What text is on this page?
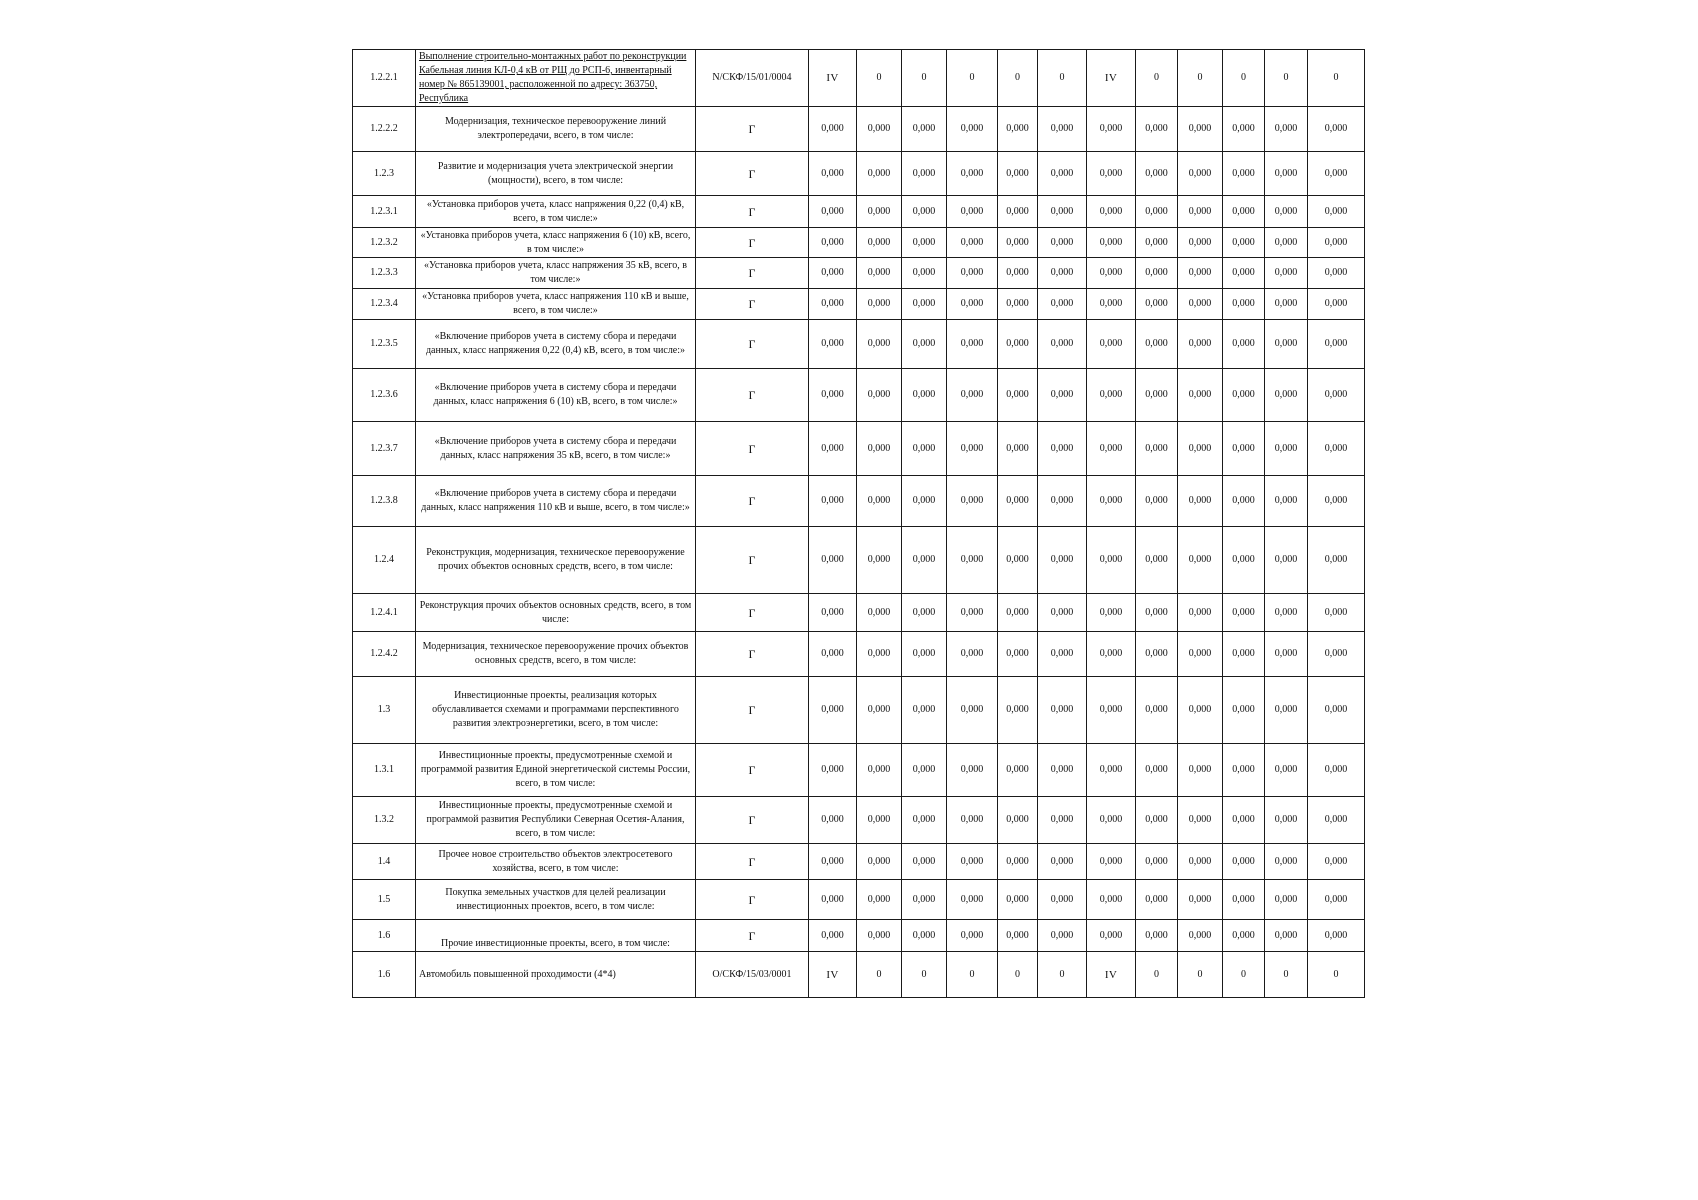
1.2.2.1	Выполнение строительно-монтажных работ по реконструкции Кабельная линия КЛ-0,4 кВ от РЩ до РСП-6, инвентарный номер № 865139001, расположенной по адресу: 363750, Республика	N/СКФ/15/01/0004	IV	0	0	0	0	0	IV	0	0	0	0	0
1.2.2.2	Модернизация, техническое перевооружение линий электропередачи, всего, в том числе:	Г	0,000	0,000	0,000	0,000	0,000	0,000	0,000	0,000	0,000	0,000	0,000	0,000
1.2.3	Развитие и модернизация учета электрической энергии (мощности), всего, в том числе:	Г	0,000	0,000	0,000	0,000	0,000	0,000	0,000	0,000	0,000	0,000	0,000	0,000
1.2.3.1	«Установка приборов учета, класс напряжения 0,22 (0,4) кВ, всего, в том числе:»	Г	0,000	0,000	0,000	0,000	0,000	0,000	0,000	0,000	0,000	0,000	0,000	0,000
1.2.3.2	«Установка приборов учета, класс напряжения 6 (10) кВ, всего, в том числе:»	Г	0,000	0,000	0,000	0,000	0,000	0,000	0,000	0,000	0,000	0,000	0,000	0,000
1.2.3.3	«Установка приборов учета, класс напряжения 35 кВ, всего, в том числе:»	Г	0,000	0,000	0,000	0,000	0,000	0,000	0,000	0,000	0,000	0,000	0,000	0,000
1.2.3.4	«Установка приборов учета, класс напряжения 110 кВ и выше, всего, в том числе:»	Г	0,000	0,000	0,000	0,000	0,000	0,000	0,000	0,000	0,000	0,000	0,000	0,000
1.2.3.5	«Включение приборов учета в систему сбора и передачи данных, класс напряжения 0,22 (0,4) кВ, всего, в том числе:»	Г	0,000	0,000	0,000	0,000	0,000	0,000	0,000	0,000	0,000	0,000	0,000	0,000
1.2.3.6	«Включение приборов учета в систему сбора и передачи данных, класс напряжения 6 (10) кВ, всего, в том числе:»	Г	0,000	0,000	0,000	0,000	0,000	0,000	0,000	0,000	0,000	0,000	0,000	0,000
1.2.3.7	«Включение приборов учета в систему сбора и передачи данных, класс напряжения 35 кВ, всего, в том числе:»	Г	0,000	0,000	0,000	0,000	0,000	0,000	0,000	0,000	0,000	0,000	0,000	0,000
1.2.3.8	«Включение приборов учета в систему сбора и передачи данных, класс напряжения 110 кВ и выше, всего, в том числе:»	Г	0,000	0,000	0,000	0,000	0,000	0,000	0,000	0,000	0,000	0,000	0,000	0,000
1.2.4	Реконструкция, модернизация, техническое перевооружение прочих объектов основных средств, всего, в том числе:	Г	0,000	0,000	0,000	0,000	0,000	0,000	0,000	0,000	0,000	0,000	0,000	0,000
1.2.4.1	Реконструкция прочих объектов основных средств, всего, в том числе:	Г	0,000	0,000	0,000	0,000	0,000	0,000	0,000	0,000	0,000	0,000	0,000	0,000
1.2.4.2	Модернизация, техническое перевооружение прочих объектов основных средств, всего, в том числе:	Г	0,000	0,000	0,000	0,000	0,000	0,000	0,000	0,000	0,000	0,000	0,000	0,000
1.3	Инвестиционные проекты, реализация которых обуславливается схемами и программами перспективного развития электроэнергетики, всего, в том числе:	Г	0,000	0,000	0,000	0,000	0,000	0,000	0,000	0,000	0,000	0,000	0,000	0,000
1.3.1	Инвестиционные проекты, предусмотренные схемой и программой развития Единой энергетической системы России, всего, в том числе:	Г	0,000	0,000	0,000	0,000	0,000	0,000	0,000	0,000	0,000	0,000	0,000	0,000
1.3.2	Инвестиционные проекты, предусмотренные схемой и программой развития Республики Северная Осетия-Алания, всего, в том числе:	Г	0,000	0,000	0,000	0,000	0,000	0,000	0,000	0,000	0,000	0,000	0,000	0,000
1.4	Прочее новое строительство объектов электросетевого хозяйства, всего, в том числе:	Г	0,000	0,000	0,000	0,000	0,000	0,000	0,000	0,000	0,000	0,000	0,000	0,000
1.5	Покупка земельных участков для целей реализации инвестиционных проектов, всего, в том числе:	Г	0,000	0,000	0,000	0,000	0,000	0,000	0,000	0,000	0,000	0,000	0,000	0,000
1.6	Прочие инвестиционные проекты, всего, в том числе:	Г	0,000	0,000	0,000	0,000	0,000	0,000	0,000	0,000	0,000	0,000	0,000	0,000
1.6	Автомобиль повышенной проходимости (4*4)	О/СКФ/15/03/0001	IV	0	0	0	0	0	IV	0	0	0	0	0
